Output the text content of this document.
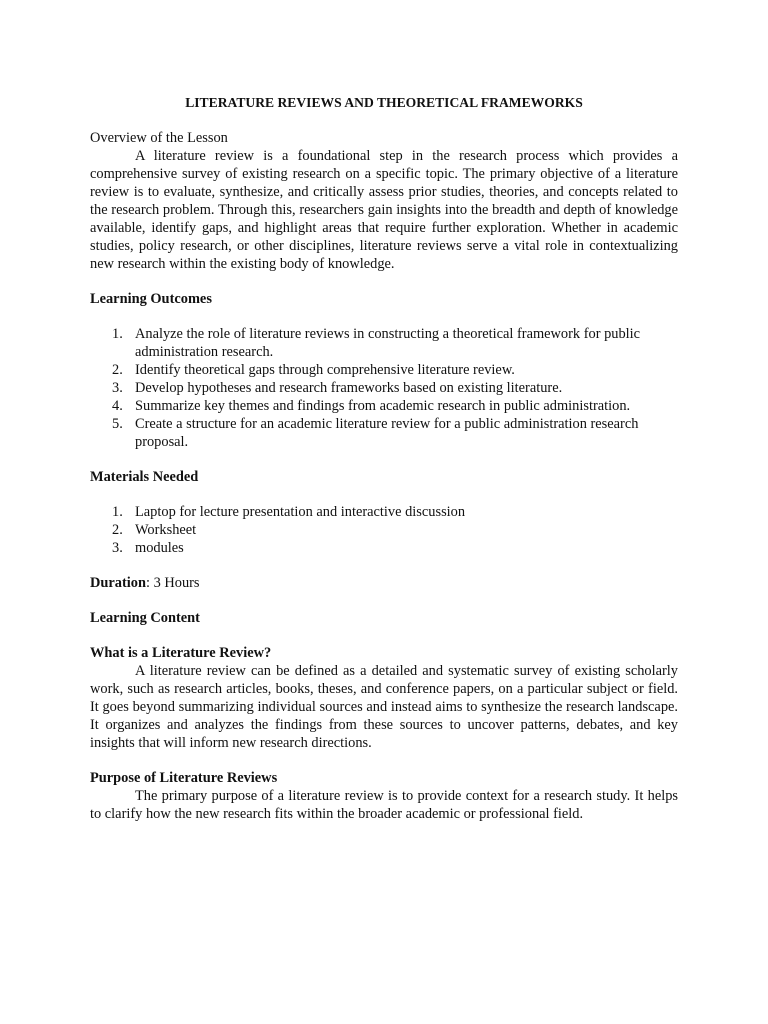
LITERATURE REVIEWS AND THEORETICAL FRAMEWORKS
Overview of the Lesson

A literature review is a foundational step in the research process which provides a comprehensive survey of existing research on a specific topic. The primary objective of a literature review is to evaluate, synthesize, and critically assess prior studies, theories, and concepts related to the research problem. Through this, researchers gain insights into the breadth and depth of knowledge available, identify gaps, and highlight areas that require further exploration. Whether in academic studies, policy research, or other disciplines, literature reviews serve a vital role in contextualizing new research within the existing body of knowledge.

Learning Outcomes
1. Analyze the role of literature reviews in constructing a theoretical framework for public administration research.
2. Identify theoretical gaps through comprehensive literature review.
3. Develop hypotheses and research frameworks based on existing literature.
4. Summarize key themes and findings from academic research in public administration.
5. Create a structure for an academic literature review for a public administration research proposal.
Materials Needed
1. Laptop for lecture presentation and interactive discussion
2. Worksheet
3. modules
Duration: 3 Hours
Learning Content
What is a Literature Review?

A literature review can be defined as a detailed and systematic survey of existing scholarly work, such as research articles, books, theses, and conference papers, on a particular subject or field. It goes beyond summarizing individual sources and instead aims to synthesize the research landscape. It organizes and analyzes the findings from these sources to uncover patterns, debates, and key insights that will inform new research directions.

Purpose of Literature Reviews

The primary purpose of a literature review is to provide context for a research study. It helps to clarify how the new research fits within the broader academic or professional field.
